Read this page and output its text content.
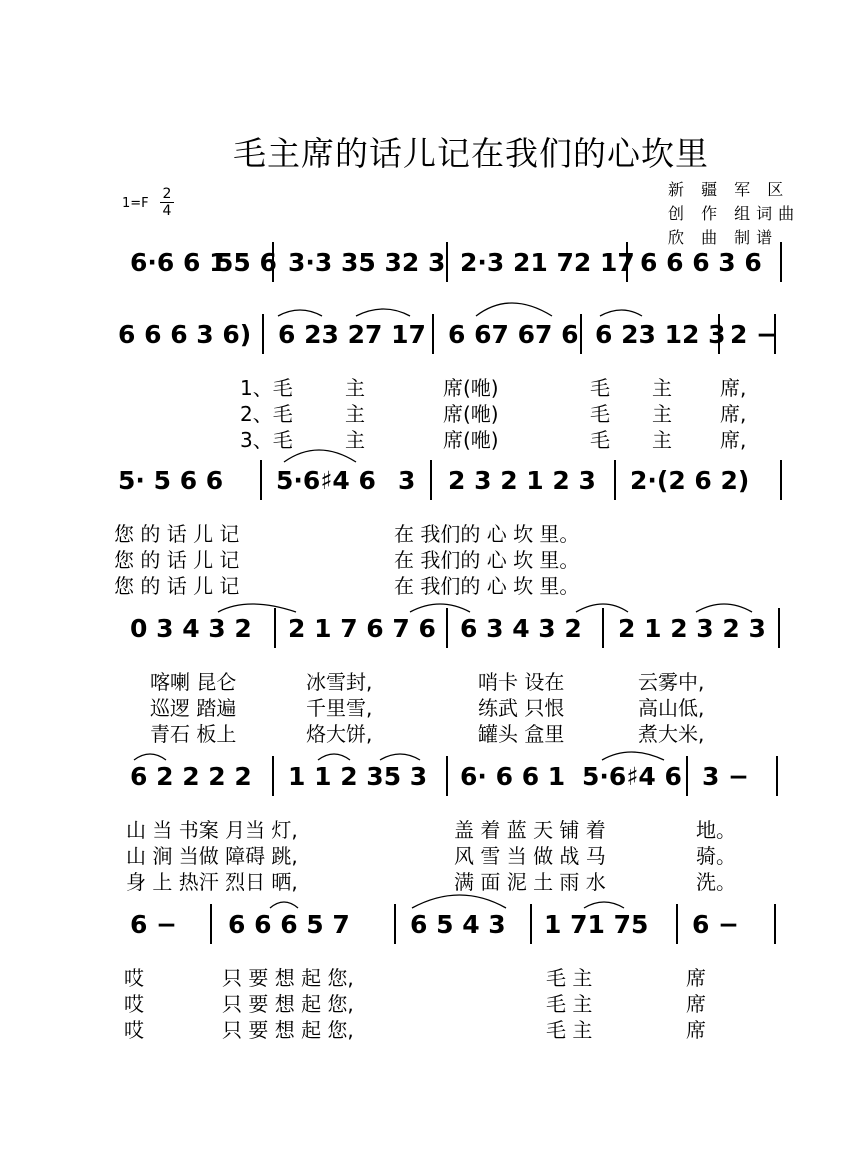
毛主席的话儿记在我们的心坎里
新 疆 军 区
创 作 组词曲
欣 曲 制谱
$1=F \frac{2}{4}$
6·6 6 1
55 6 3·3 35 32 3 2·3 21 72 17 6 6 6 3 6
6 6 6 3 6) 6 23 27 17 6 67 67 6 6 23 12 3 2 −
1、毛	主	席(咃)	毛 主 席,
2、毛	主	席(咃)	毛 主 席,
3、毛	主	席(咃)	毛 主 席,
5· 5 6 6 5·6♯4 6 3 2 3 2 1 2 3 2·(2 6 2)
您 的 话 儿 记	在 我们的 心 坎 里。
您 的 话 儿 记	在 我们的 心 坎 里。
您 的 话 儿 记	在 我们的 心 坎 里。
0 3 4 3 2 2 1 7 6 7 6 6 3 4 3 2 2 1 2 3 2 3
喀喇 昆仑	冰雪封,	哨卡 设在	云雾中,
巡逻 踏遍	千里雪,	练武 只恨	高山低,
青石 板上	烙大饼,	罐头 盒里	煮大米,
6 2 2 2 2 1 1 2 35 3 6· 6 6 1 5·6♯4 6 3 −
山 当 书案 月当 灯,	盖 着 蓝 天 铺 着	地。
山 涧 当做 障碍 跳,	风 雪 当 做 战 马	骑。
身 上 热汗 烈日 晒,	满 面 泥 土 雨 水	洗。
6 − 6 6 6 5 7 6 5 4 3 1 71 75 6 −
哎	只 要 想 起 您,	毛 主	席
哎	只 要 想 起 您,	毛 主	席
哎	只 要 想 起 您,	毛 主	席
